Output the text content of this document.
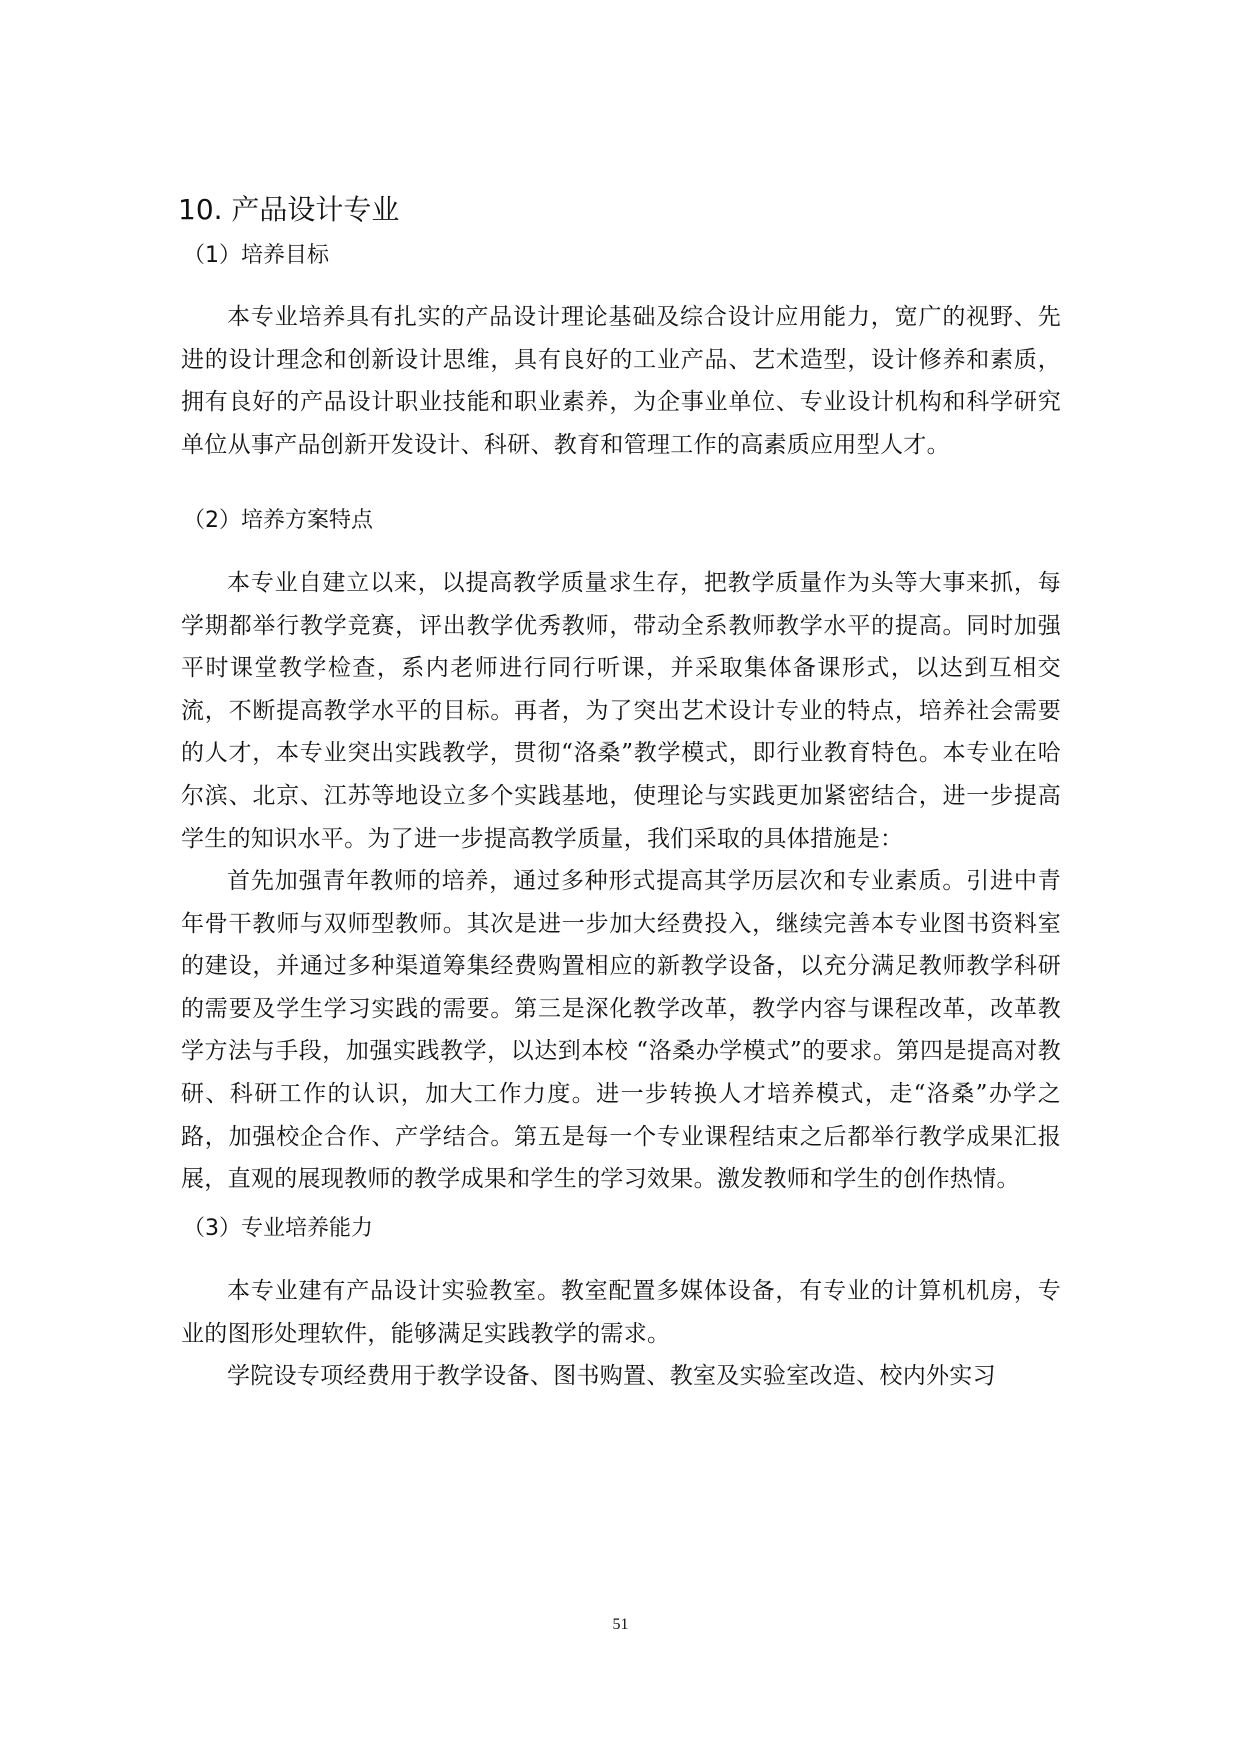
10. 产品设计专业
（1）培养目标

本专业培养具有扎实的产品设计理论基础及综合设计应用能力，宽广的视野、先进的设计理念和创新设计思维，具有良好的工业产品、艺术造型，设计修养和素质，拥有良好的产品设计职业技能和职业素养，为企事业单位、专业设计机构和科学研究单位从事产品创新开发设计、科研、教育和管理工作的高素质应用型人才。

（2）培养方案特点

本专业自建立以来，以提高教学质量求生存，把教学质量作为头等大事来抓，每学期都举行教学竞赛，评出教学优秀教师，带动全系教师教学水平的提高。同时加强平时课堂教学检查，系内老师进行同行听课，并采取集体备课形式，以达到互相交流，不断提高教学水平的目标。再者，为了突出艺术设计专业的特点，培养社会需要的人才，本专业突出实践教学，贯彻“洛桑”教学模式，即行业教育特色。本专业在哈尔滨、北京、江苏等地设立多个实践基地，使理论与实践更加紧密结合，进一步提高学生的知识水平。为了进一步提高教学质量，我们采取的具体措施是：

首先加强青年教师的培养，通过多种形式提高其学历层次和专业素质。引进中青年骨干教师与双师型教师。其次是进一步加大经费投入，继续完善本专业图书资料室的建设，并通过多种渠道筹集经费购置相应的新教学设备，以充分满足教师教学科研的需要及学生学习实践的需要。第三是深化教学改革，教学内容与课程改革，改革教学方法与手段，加强实践教学，以达到本校 “洛桑办学模式”的要求。第四是提高对教研、科研工作的认识，加大工作力度。进一步转换人才培养模式，走“洛桑”办学之路，加强校企合作、产学结合。第五是每一个专业课程结束之后都举行教学成果汇报展，直观的展现教师的教学成果和学生的学习效果。激发教师和学生的创作热情。

（3）专业培养能力

本专业建有产品设计实验教室。教室配置多媒体设备，有专业的计算机机房，专业的图形处理软件，能够满足实践教学的需求。

学院设专项经费用于教学设备、图书购置、教室及实验室改造、校内外实习

51
